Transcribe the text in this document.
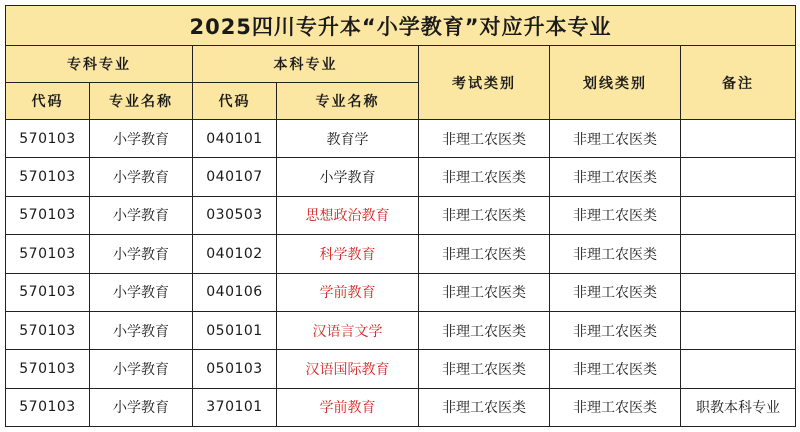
2025四川专升本“小学教育”对应升本专业						
专科专业		本科专业		考试类别	划线类别	备注
代码	专业名称	代码	专业名称			
570103	小学教育	040101	教育学	非理工农医类	非理工农医类	
570103	小学教育	040107	小学教育	非理工农医类	非理工农医类	
570103	小学教育	030503	思想政治教育	非理工农医类	非理工农医类	
570103	小学教育	040102	科学教育	非理工农医类	非理工农医类	
570103	小学教育	040106	学前教育	非理工农医类	非理工农医类	
570103	小学教育	050101	汉语言文学	非理工农医类	非理工农医类	
570103	小学教育	050103	汉语国际教育	非理工农医类	非理工农医类	
570103	小学教育	370101	学前教育	非理工农医类	非理工农医类	职教本科专业
